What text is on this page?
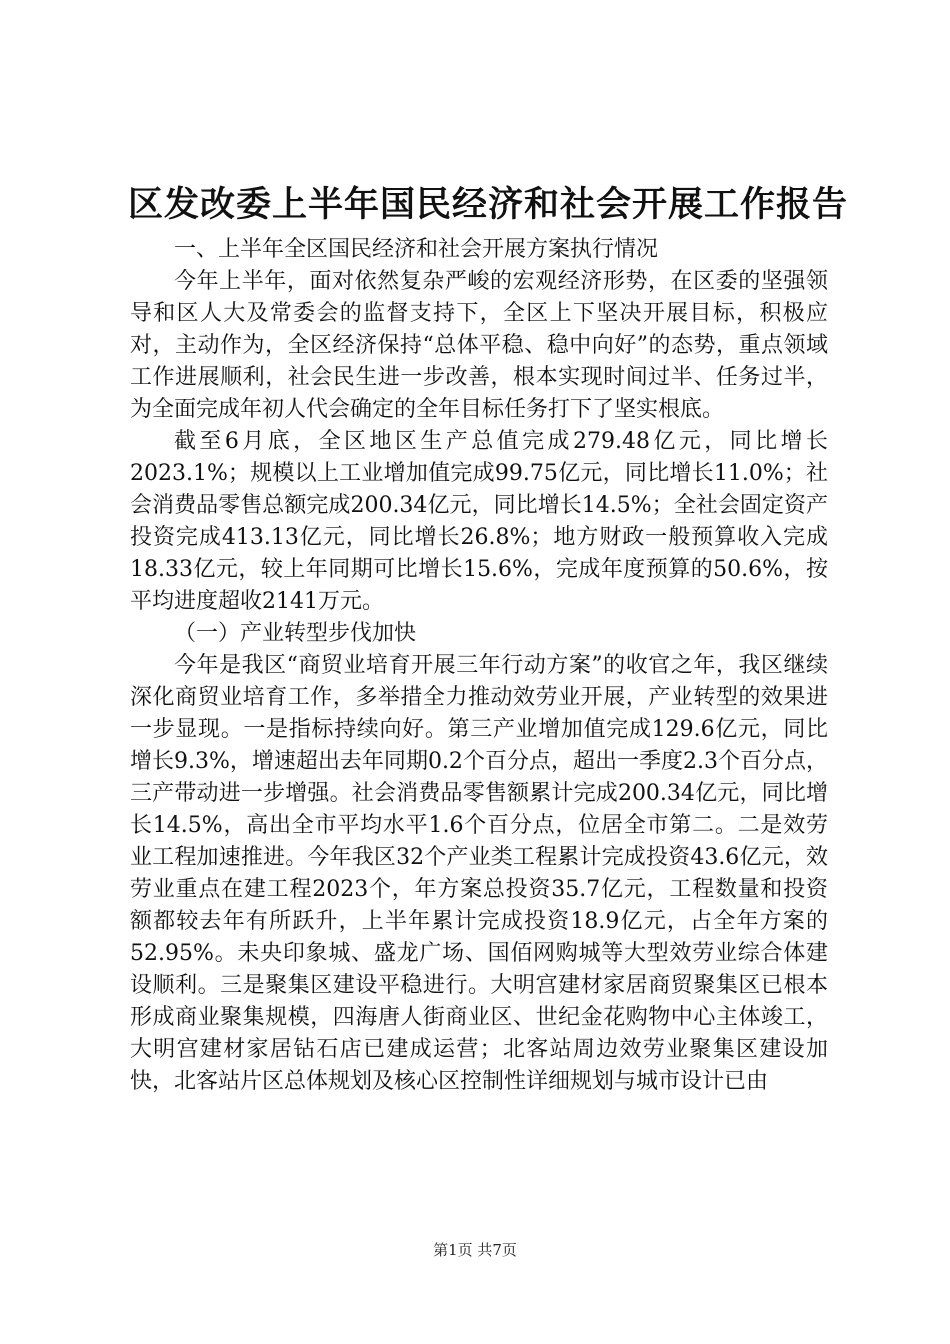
区发改委上半年国民经济和社会开展工作报告

一、上半年全区国民经济和社会开展方案执行情况

今年上半年，面对依然复杂严峻的宏观经济形势，在区委的坚强领导和区人大及常委会的监督支持下，全区上下坚决开展目标，积极应对，主动作为，全区经济保持“总体平稳、稳中向好”的态势，重点领域工作进展顺利，社会民生进一步改善，根本实现时间过半、任务过半，为全面完成年初人代会确定的全年目标任务打下了坚实根底。

截至6月底，全区地区生产总值完成279.48亿元，同比增长2023.1%；规模以上工业增加值完成99.75亿元，同比增长11.0%；社会消费品零售总额完成200.34亿元，同比增长14.5%；全社会固定资产投资完成413.13亿元，同比增长26.8%；地方财政一般预算收入完成18.33亿元，较上年同期可比增长15.6%，完成年度预算的50.6%，按平均进度超收2141万元。

（一）产业转型步伐加快

今年是我区“商贸业培育开展三年行动方案”的收官之年，我区继续深化商贸业培育工作，多举措全力推动效劳业开展，产业转型的效果进一步显现。一是指标持续向好。第三产业增加值完成129.6亿元，同比增长9.3%，增速超出去年同期0.2个百分点，超出一季度2.3个百分点，三产带动进一步增强。社会消费品零售额累计完成200.34亿元，同比增长14.5%，高出全市平均水平1.6个百分点，位居全市第二。二是效劳业工程加速推进。今年我区32个产业类工程累计完成投资43.6亿元，效劳业重点在建工程2023个，年方案总投资35.7亿元，工程数量和投资额都较去年有所跃升，上半年累计完成投资18.9亿元，占全年方案的52.95%。未央印象城、盛龙广场、国佰网购城等大型效劳业综合体建设顺利。三是聚集区建设平稳进行。大明宫建材家居商贸聚集区已根本形成商业聚集规模，四海唐人街商业区、世纪金花购物中心主体竣工，大明宫建材家居钻石店已建成运营；北客站周边效劳业聚集区建设加快，北客站片区总体规划及核心区控制性详细规划与城市设计已由

第1页 共7页
